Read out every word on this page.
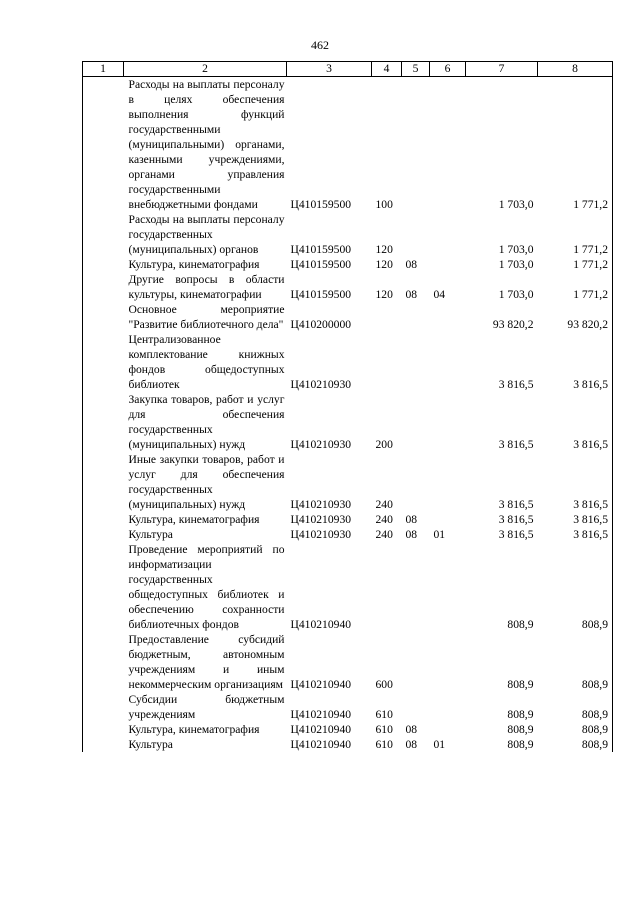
462
1	2	3	4	5	6	7	8
	Расходы на выплаты персоналу в целях обеспечения выполнения функций государственными (муниципальными) органами, казенными учреждениями, органами управления государственными внебюджетными фондами	Ц410159500	100			1 703,0	1 771,2
	Расходы на выплаты персоналу государственных (муниципальных) органов	Ц410159500	120			1 703,0	1 771,2
	Культура, кинематография	Ц410159500	120	08		1 703,0	1 771,2
	Другие вопросы в области культуры, кинематографии	Ц410159500	120	08	04	1 703,0	1 771,2
	Основное мероприятие "Развитие библиотечного дела"	Ц410200000				93 820,2	93 820,2
	Централизованное комплектование книжных фондов общедоступных библиотек	Ц410210930				3 816,5	3 816,5
	Закупка товаров, работ и услуг для обеспечения государственных (муниципальных) нужд	Ц410210930	200			3 816,5	3 816,5
	Иные закупки товаров, работ и услуг для обеспечения государственных (муниципальных) нужд	Ц410210930	240			3 816,5	3 816,5
	Культура, кинематография	Ц410210930	240	08		3 816,5	3 816,5
	Культура	Ц410210930	240	08	01	3 816,5	3 816,5
	Проведение мероприятий по информатизации государственных общедоступных библиотек и обеспечению сохранности библиотечных фондов	Ц410210940				808,9	808,9
	Предоставление субсидий бюджетным, автономным учреждениям и иным некоммерческим организациям	Ц410210940	600			808,9	808,9
	Субсидии бюджетным учреждениям	Ц410210940	610			808,9	808,9
	Культура, кинематография	Ц410210940	610	08		808,9	808,9
	Культура	Ц410210940	610	08	01	808,9	808,9
